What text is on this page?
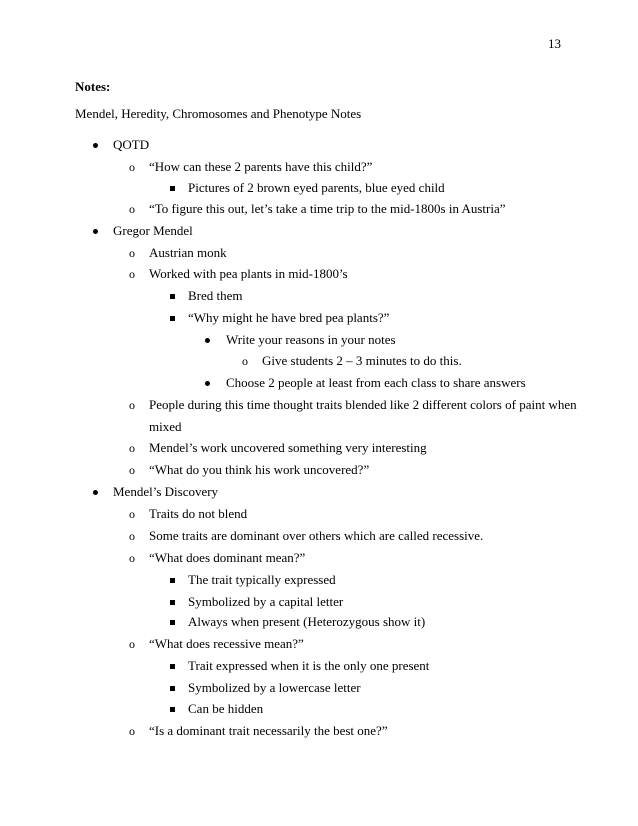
13
Notes:
Mendel, Heredity, Chromosomes and Phenotype Notes
QOTD
o	“How can these 2 parents have this child?”
Pictures of 2 brown eyed parents, blue eyed child
o	“To figure this out, let’s take a time trip to the mid-1800s in Austria”
Gregor Mendel
o	Austrian monk
o	Worked with pea plants in mid-1800’s
Bred them
“Why might he have bred pea plants?”
Write your reasons in your notes
o	Give students 2 – 3 minutes to do this.
Choose 2 people at least from each class to share answers
o	People during this time thought traits blended like 2 different colors of paint when
mixed
o	Mendel’s work uncovered something very interesting
o	“What do you think his work uncovered?”
Mendel’s Discovery
o	Traits do not blend
o	Some traits are dominant over others which are called recessive.
o	“What does dominant mean?”
The trait typically expressed
Symbolized by a capital letter
Always when present (Heterozygous show it)
o	“What does recessive mean?”
Trait expressed when it is the only one present
Symbolized by a lowercase letter
Can be hidden
o	“Is a dominant trait necessarily the best one?”
